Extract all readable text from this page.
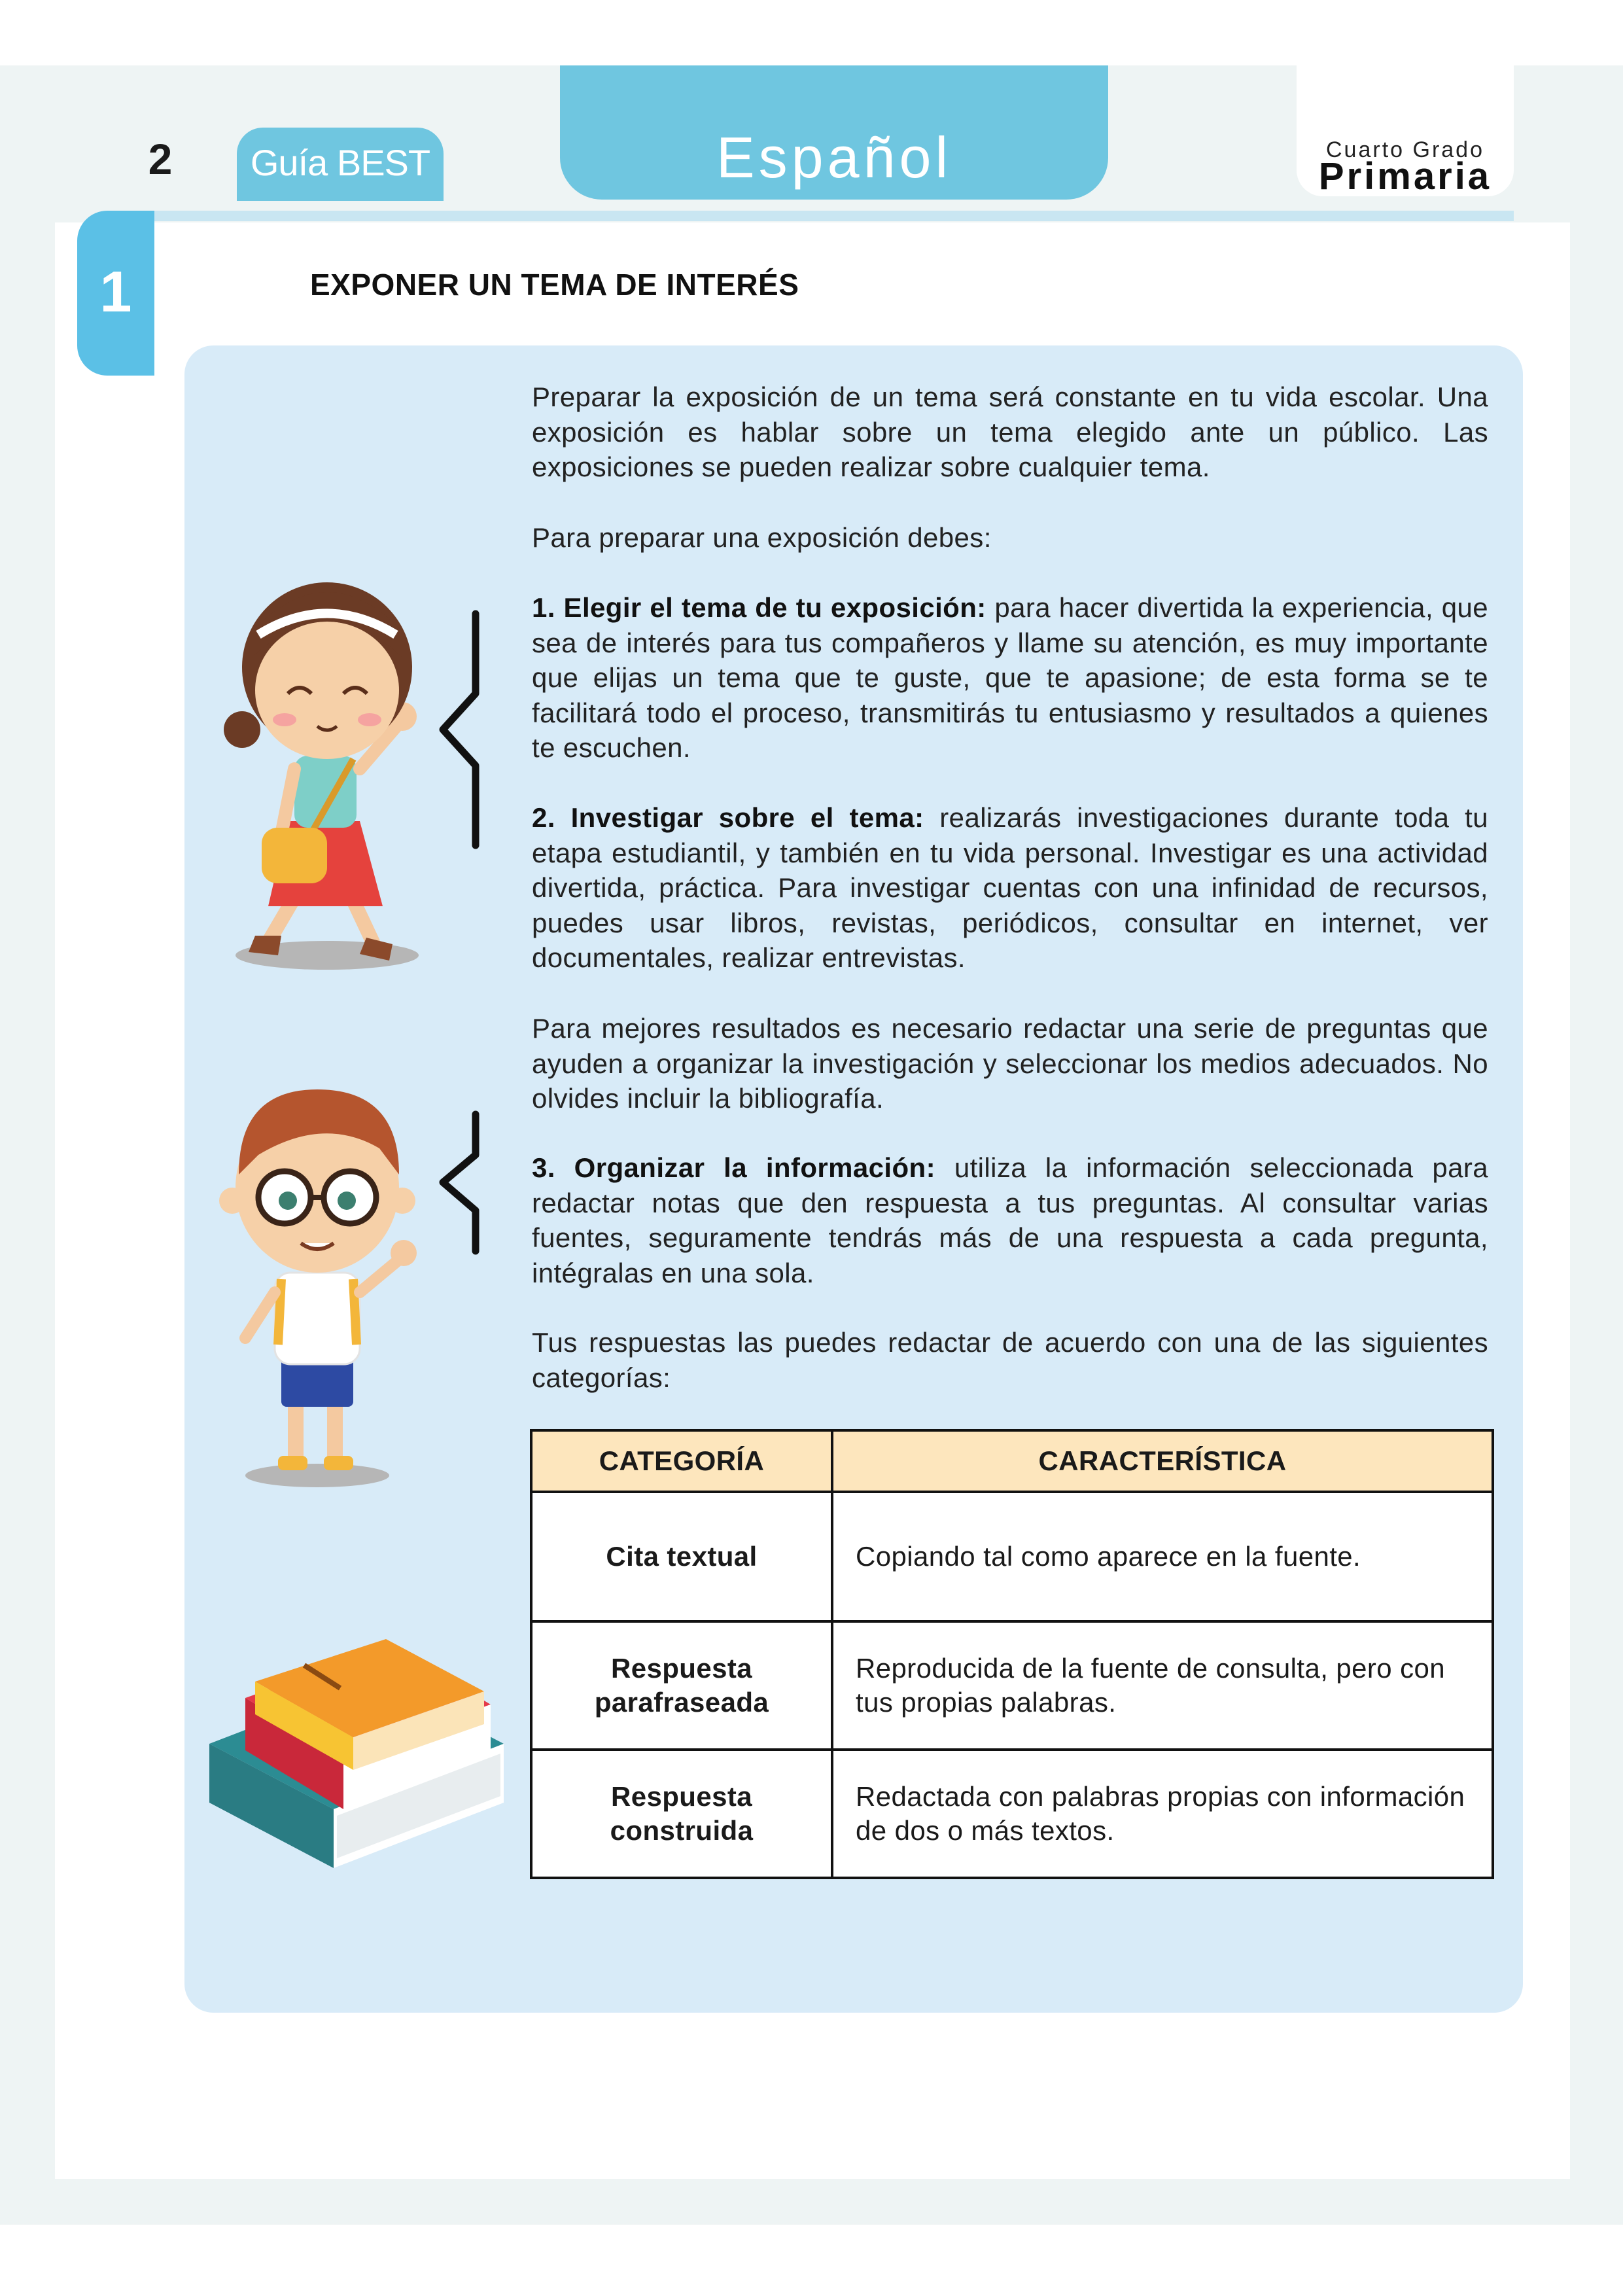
2	Guía BEST	Español	Cuarto Grado
Primaria
1	EXPONER UN TEMA DE INTERÉS
Preparar la exposición de un tema será constante en tu vida escolar. Una exposición es hablar sobre un tema elegido ante un público. Las exposiciones se pueden realizar sobre cualquier tema.
Para preparar una exposición debes:
1. Elegir el tema de tu exposición: para hacer divertida la experiencia, que sea de interés para tus compañeros y llame su atención, es muy importante que elijas un tema que te guste, que te apasione; de esta forma se te facilitará todo el proceso, transmitirás tu entusiasmo y resultados a quienes te escuchen.
2. Investigar sobre el tema: realizarás investigaciones durante toda tu etapa estudiantil, y también en tu vida personal. Investigar es una actividad divertida, práctica. Para investigar cuentas con una infinidad de recursos, puedes usar libros, revistas, periódicos, consultar en internet, ver documentales, realizar entrevistas.
Para mejores resultados es necesario redactar una serie de preguntas que ayuden a organizar la investigación y seleccionar los medios adecuados. No olvides incluir la bibliografía.
3. Organizar la información: utiliza la información seleccionada para redactar notas que den respuesta a tus preguntas. Al consultar varias fuentes, seguramente tendrás más de una respuesta a cada pregunta, intégralas en una sola.
Tus respuestas las puedes redactar de acuerdo con una de las siguientes categorías:
CATEGORÍA	CARACTERÍSTICA
Cita textual	Copiando tal como aparece en la fuente.
Respuesta parafraseada	Reproducida de la fuente de consulta, pero con tus propias palabras.
Respuesta construida	Redactada con palabras propias con información de dos o más textos.
